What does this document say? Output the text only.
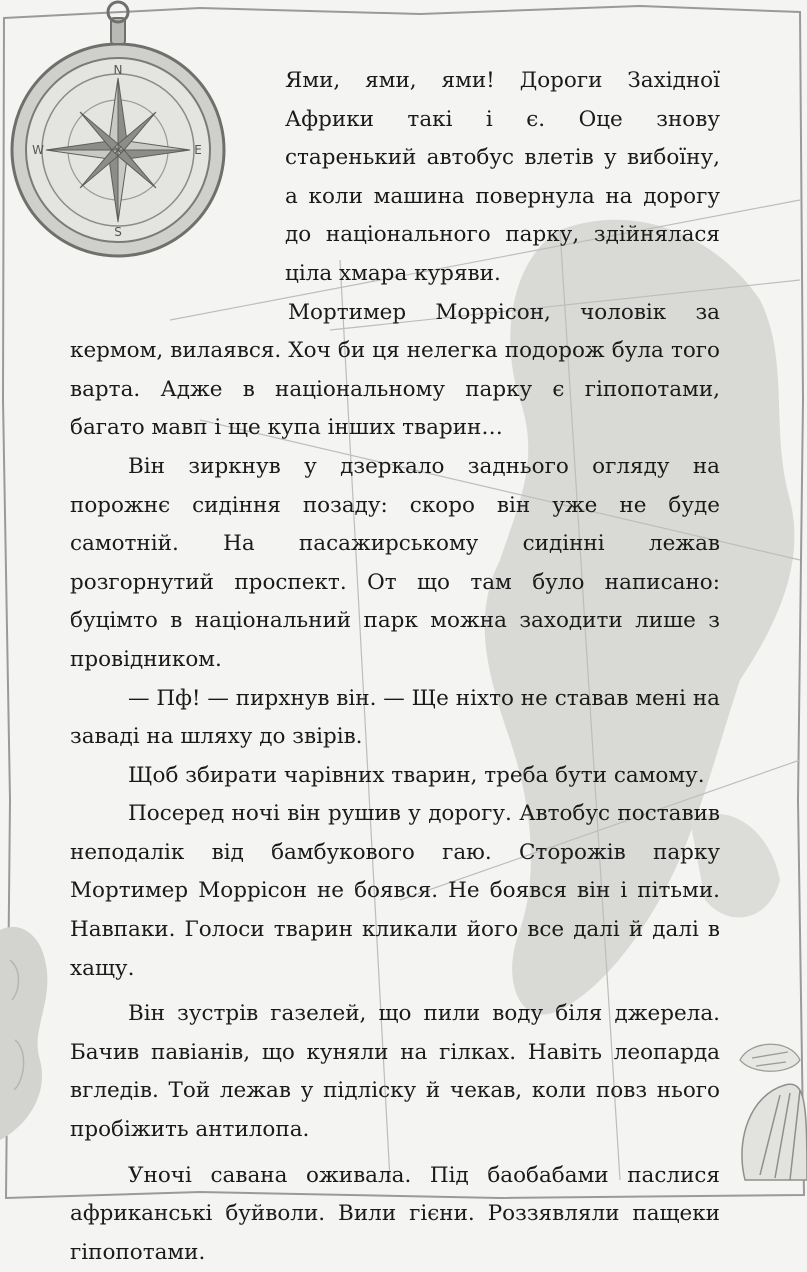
N
S
E
W

Ями, ями, ями! Дороги Західної Африки такі і є. Оце знову старенький автобус влетів у вибоїну, а коли машина повернула на дорогу до національного парку, здійнялася ціла хмара куряви.

Мортимер Моррісон, чоловік за кермом, вилаявся. Хоч би ця нелегка подорож була того варта. Адже в національному парку є гіпопотами, багато мавп і ще купа інших тварин…

Він зиркнув у дзеркало заднього огляду на порожнє сидіння позаду: скоро він уже не буде самотній. На пасажирському сидінні лежав розгорнутий проспект. От що там було написано: буцімто в національний парк можна заходити лише з провідником.

— Пф! — пирхнув він. — Ще ніхто не ставав мені на заваді на шляху до звірів.

Щоб збирати чарівних тварин, треба бути самому.

Посеред ночі він рушив у дорогу. Автобус поставив неподалік від бамбукового гаю. Сторожів парку Мортимер Моррісон не боявся. Не боявся він і пітьми. Навпаки. Голоси тварин кликали його все далі й далі в хащу.

Він зустрів газелей, що пили воду біля джерела. Бачив павіанів, що куняли на гілках. Навіть леопарда вгледів. Той лежав у підліску й чекав, коли повз нього пробіжить антилопа.

Уночі савана оживала. Під баобабами паслися африканські буйволи. Вили гієни. Роззявляли пащеки гіпопотами.
